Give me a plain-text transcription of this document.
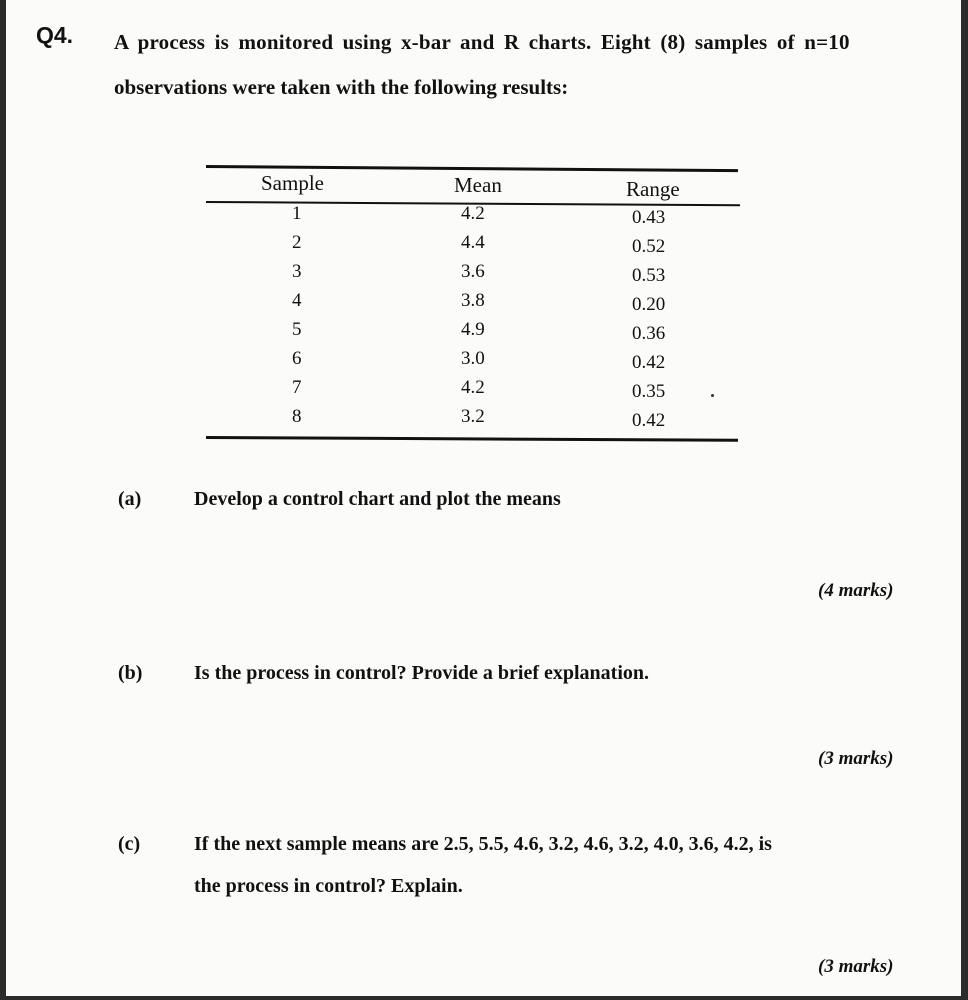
Q4. A process is monitored using x-bar and R charts. Eight (8) samples of n=10
observations were taken with the following results:
Sample	Mean	Range
1	4.2	0.43
2	4.4	0.52
3	3.6	0.53
4	3.8	0.20
5	4.9	0.36
6	3.0	0.42
7	4.2	0.35
8	3.2	0.42
(a)	Develop a control chart and plot the means
(4 marks)
(b)	Is the process in control? Provide a brief explanation.
(3 marks)
(c)	If the next sample means are 2.5, 5.5, 4.6, 3.2, 4.6, 3.2, 4.0, 3.6, 4.2, is
the process in control? Explain.
(3 marks)
